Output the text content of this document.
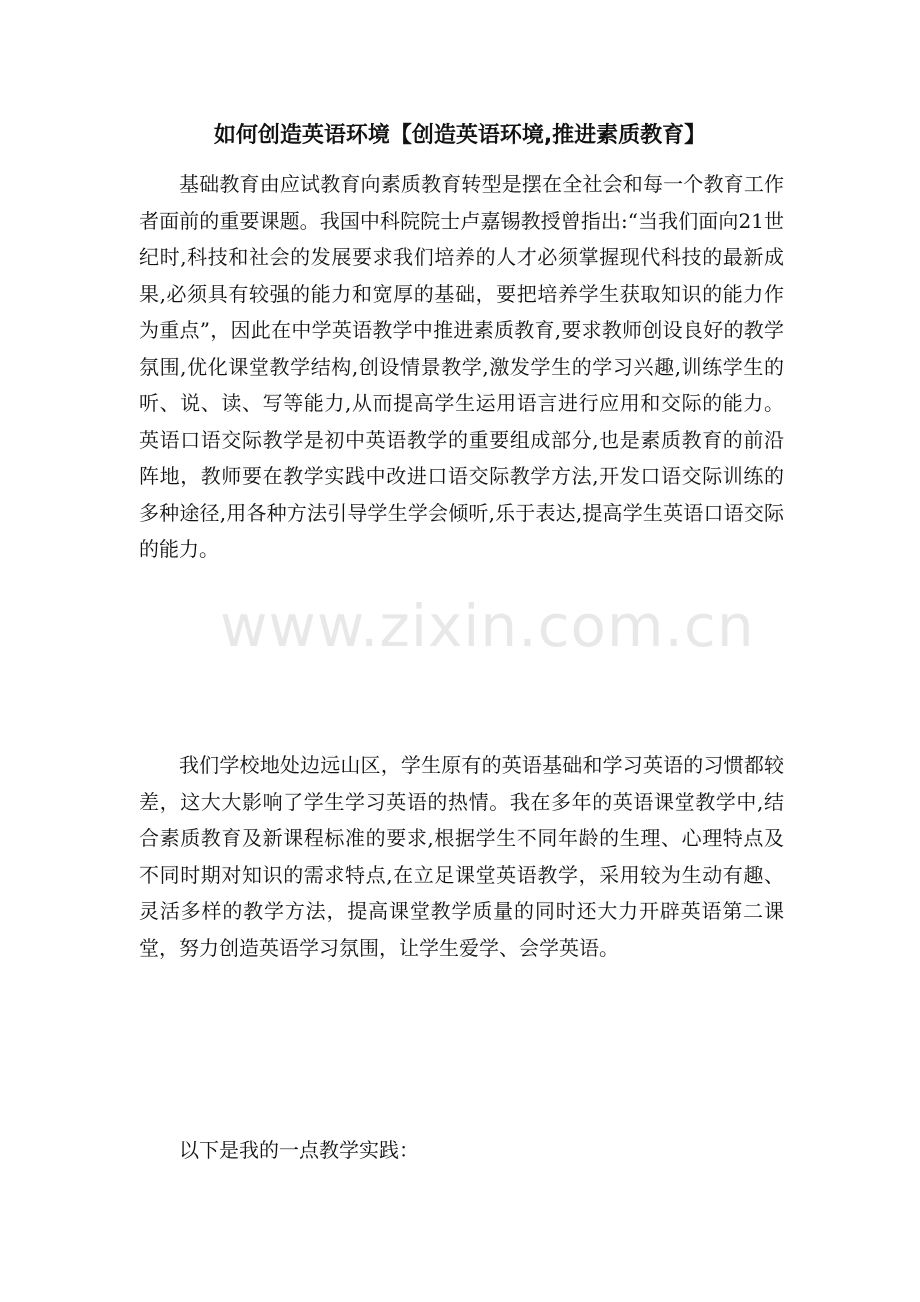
如何创造英语环境【创造英语环境,推进素质教育】

基础教育由应试教育向素质教育转型是摆在全社会和每一个教育工作者面前的重要课题。我国中科院院士卢嘉锡教授曾指出:“当我们面向21世纪时,科技和社会的发展要求我们培养的人才必须掌握现代科技的最新成果,必须具有较强的能力和宽厚的基础，要把培养学生获取知识的能力作为重点”，因此在中学英语教学中推进素质教育,要求教师创设良好的教学氛围,优化课堂教学结构,创设情景教学,激发学生的学习兴趣,训练学生的听、说、读、写等能力,从而提高学生运用语言进行应用和交际的能力。英语口语交际教学是初中英语教学的重要组成部分,也是素质教育的前沿阵地，教师要在教学实践中改进口语交际教学方法,开发口语交际训练的多种途径,用各种方法引导学生学会倾听,乐于表达,提高学生英语口语交际的能力。

我们学校地处边远山区，学生原有的英语基础和学习英语的习惯都较差，这大大影响了学生学习英语的热情。我在多年的英语课堂教学中,结合素质教育及新课程标准的要求,根据学生不同年龄的生理、心理特点及不同时期对知识的需求特点,在立足课堂英语教学，采用较为生动有趣、灵活多样的教学方法，提高课堂教学质量的同时还大力开辟英语第二课堂，努力创造英语学习氛围，让学生爱学、会学英语。

以下是我的一点教学实践：

www.zixin.com.cn
